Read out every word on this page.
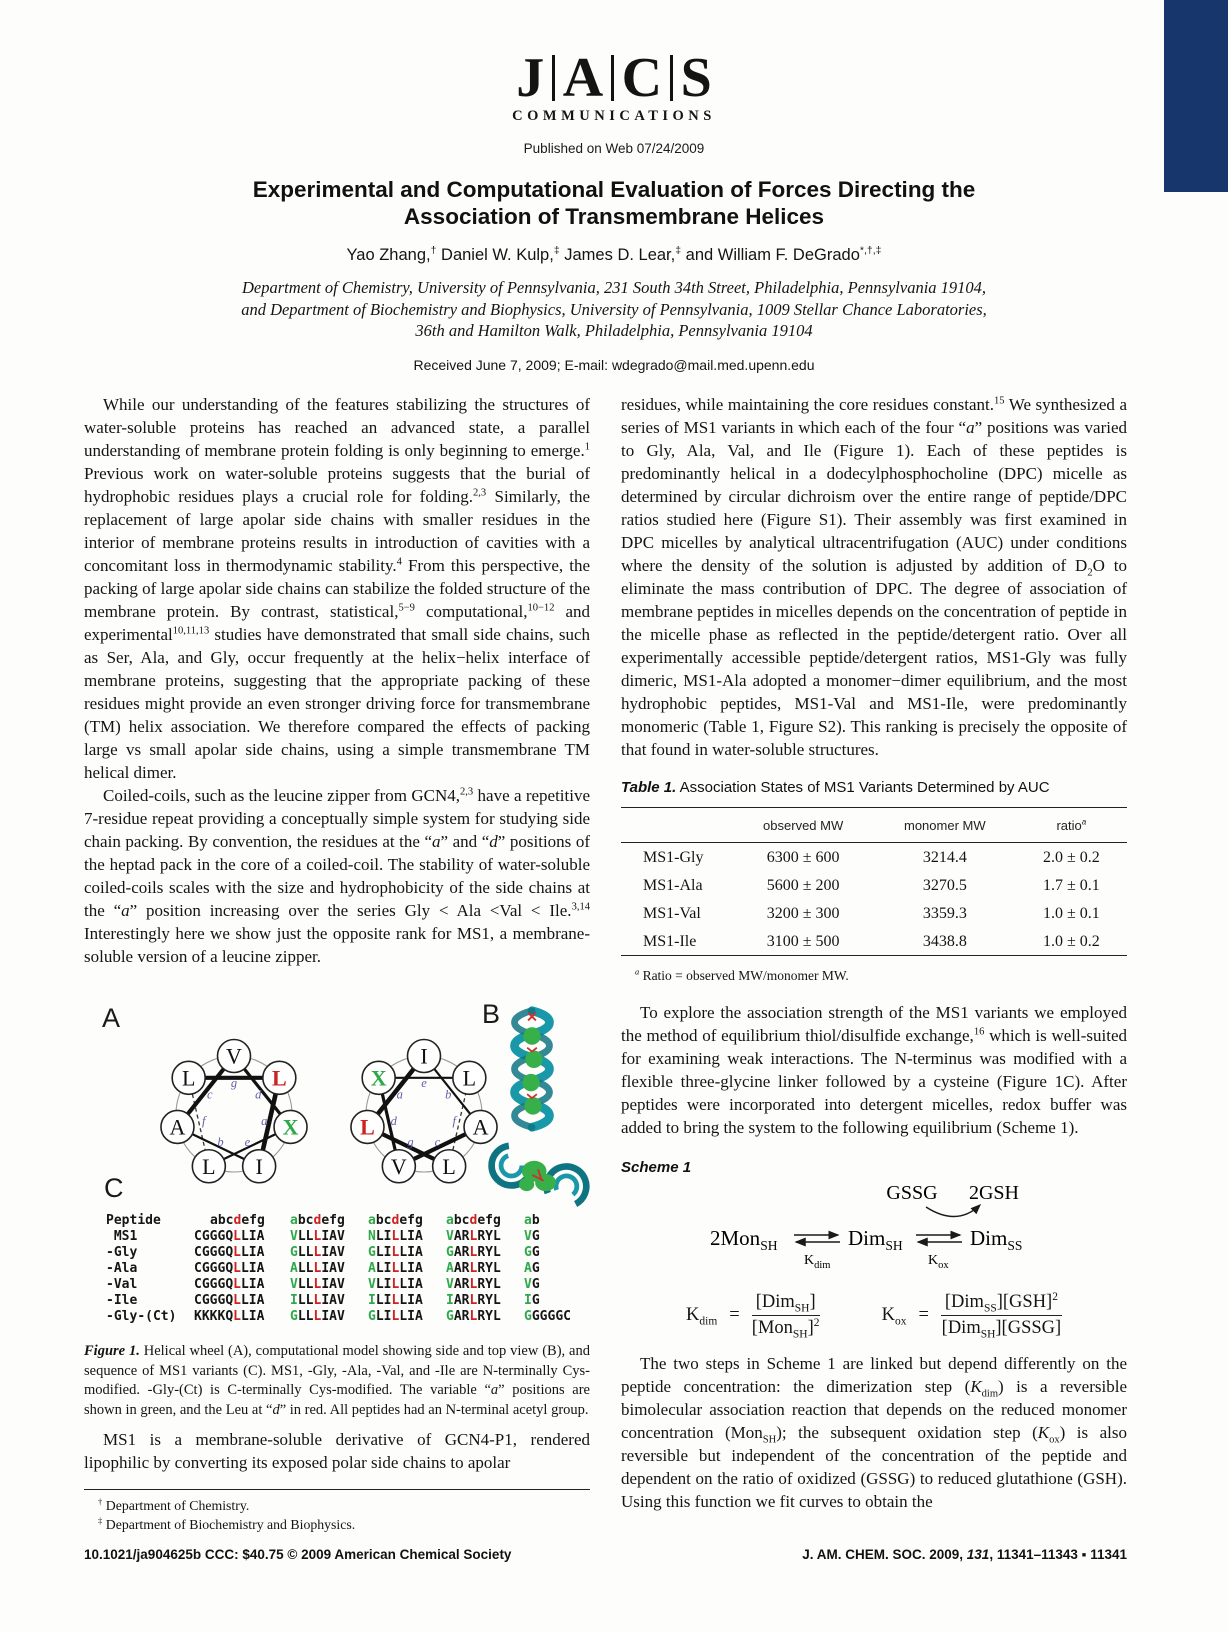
J A C S
COMMUNICATIONS
Published on Web 07/24/2009
Experimental and Computational Evaluation of Forces Directing the
Association of Transmembrane Helices
Yao Zhang,† Daniel W. Kulp,‡ James D. Lear,‡ and William F. DeGrado*,†,‡
Department of Chemistry, University of Pennsylvania, 231 South 34th Street, Philadelphia, Pennsylvania 19104,
and Department of Biochemistry and Biophysics, University of Pennsylvania, 1009 Stellar Chance Laboratories,
36th and Hamilton Walk, Philadelphia, Pennsylvania 19104
Received June 7, 2009; E-mail: wdegrado@mail.med.upenn.edu

While our understanding of the features stabilizing the structures of water-soluble proteins has reached an advanced state, a parallel understanding of membrane protein folding is only beginning to emerge.$^1$ Previous work on water-soluble proteins suggests that the burial of hydrophobic residues plays a crucial role for folding.$^{2,3}$ Similarly, the replacement of large apolar side chains with smaller residues in the interior of membrane proteins results in introduction of cavities with a concomitant loss in thermodynamic stability.$^4$ From this perspective, the packing of large apolar side chains can stabilize the folded structure of the membrane protein. By contrast, statistical,$^{5-9}$ computational,$^{10-12}$ and experimental$^{10,11,13}$ studies have demonstrated that small side chains, such as Ser, Ala, and Gly, occur frequently at the helix−helix interface of membrane proteins, suggesting that the appropriate packing of these residues might provide an even stronger driving force for transmembrane (TM) helix association. We therefore compared the effects of packing large vs small apolar side chains, using a simple transmembrane TM helical dimer.

Coiled-coils, such as the leucine zipper from GCN4,$^{2,3}$ have a repetitive 7-residue repeat providing a conceptually simple system for studying side chain packing. By convention, the residues at the “a” and “d” positions of the heptad pack in the core of a coiled-coil. The stability of water-soluble coiled-coils scales with the size and hydrophobicity of the side chains at the “a” position increasing over the series Gly < Ala <Val < Ile.$^{3,14}$ Interestingly here we show just the opposite rank for MS1, a membrane-soluble version of a leucine zipper.

A	B
C
V
g L
d
X
a
I
e
L
b
A f
L
c
I
e L
b
A
f
L
c
V
g
L d
X
a
Peptide	abcdefg	abcdefg	abcdefg	abcdefg	ab
MS1	CGGGQLLIA	VLLLIAV	NLILLIA	VARLRYL	VG
-Gly	CGGGQLLIA	GLLLIAV	GLILLIA	GARLRYL	GG
-Ala	CGGGQLLIA	ALLLIAV	ALILLIA	AARLRYL	AG
-Val	CGGGQLLIA	VLLLIAV	VLILLIA	VARLRYL	VG
-Ile	CGGGQLLIA	ILLLIAV	ILILLIA	IARLRYL	IG
-Gly-(Ct)	KKKKQLLIA	GLLLIAV	GLILLIA	GARLRYL	GGGGGC
Figure 1. Helical wheel (A), computational model showing side and top view (B), and sequence of MS1 variants (C). MS1, -Gly, -Ala, -Val, and -Ile are N-terminally Cys-modified. -Gly-(Ct) is C-terminally Cys-modified. The variable “a” positions are shown in green, and the Leu at “d” in red. All peptides had an N-terminal acetyl group.

MS1 is a membrane-soluble derivative of GCN4-P1, rendered lipophilic by converting its exposed polar side chains to apolar

residues, while maintaining the core residues constant.$^{15}$ We synthesized a series of MS1 variants in which each of the four “a” positions was varied to Gly, Ala, Val, and Ile (Figure 1). Each of these peptides is predominantly helical in a dodecylphosphocholine (DPC) micelle as determined by circular dichroism over the entire range of peptide/DPC ratios studied here (Figure S1). Their assembly was first examined in DPC micelles by analytical ultracentrifugation (AUC) under conditions where the density of the solution is adjusted by addition of $D_2O$ to eliminate the mass contribution of DPC. The degree of association of membrane peptides in micelles depends on the concentration of peptide in the micelle phase as reflected in the peptide/detergent ratio. Over all experimentally accessible peptide/detergent ratios, MS1-Gly was fully dimeric, MS1-Ala adopted a monomer−dimer equilibrium, and the most hydrophobic peptides, MS1-Val and MS1-Ile, were predominantly monomeric (Table 1, Figure S2). This ranking is precisely the opposite of that found in water-soluble structures.

Table 1. Association States of MS1 Variants Determined by AUC
	observed MW	monomer MW	ratio$^a$
MS1-Gly	6300 ± 600	3214.4	2.0 ± 0.2
MS1-Ala	5600 ± 200	3270.5	1.7 ± 0.1
MS1-Val	3200 ± 300	3359.3	1.0 ± 0.1
MS1-Ile	3100 ± 500	3438.8	1.0 ± 0.2
$^a$ Ratio = observed MW/monomer MW.

To explore the association strength of the MS1 variants we employed the method of equilibrium thiol/disulfide exchange,$^{16}$ which is well-suited for examining weak interactions. The N-terminus was modified with a flexible three-glycine linker followed by a cysteine (Figure 1C). After peptides were incorporated into detergent micelles, redox buffer was added to bring the system to the following equilibrium (Scheme 1).

Scheme 1
GSSG 2GSH
2Mon$_{SH}$
$K_{dim}$
Dim$_{SH}$
$K_{ox}$
Dim$_{SS}$
$K_{dim} = \frac{[Dim_{SH}]}{[Mon_{SH}]^2}$	$K_{ox} = \frac{[Dim_{SS}][GSH]^2}{[Dim_{SH}][GSSG]}$

The two steps in Scheme 1 are linked but depend differently on the peptide concentration: the dimerization step $(K_{dim})$ is a reversible bimolecular association reaction that depends on the reduced monomer concentration (Mon$_{SH}$); the subsequent oxidation step $(K_{ox})$ is also reversible but independent of the concentration of the peptide and dependent on the ratio of oxidized (GSSG) to reduced glutathione (GSH). Using this function we fit curves to obtain the

† Department of Chemistry.
‡ Department of Biochemistry and Biophysics.
10.1021/ja904625b CCC: $40.75 © 2009 American Chemical Society	J. AM. CHEM. SOC. 2009, 131, 11341–11343 ▪ 11341
